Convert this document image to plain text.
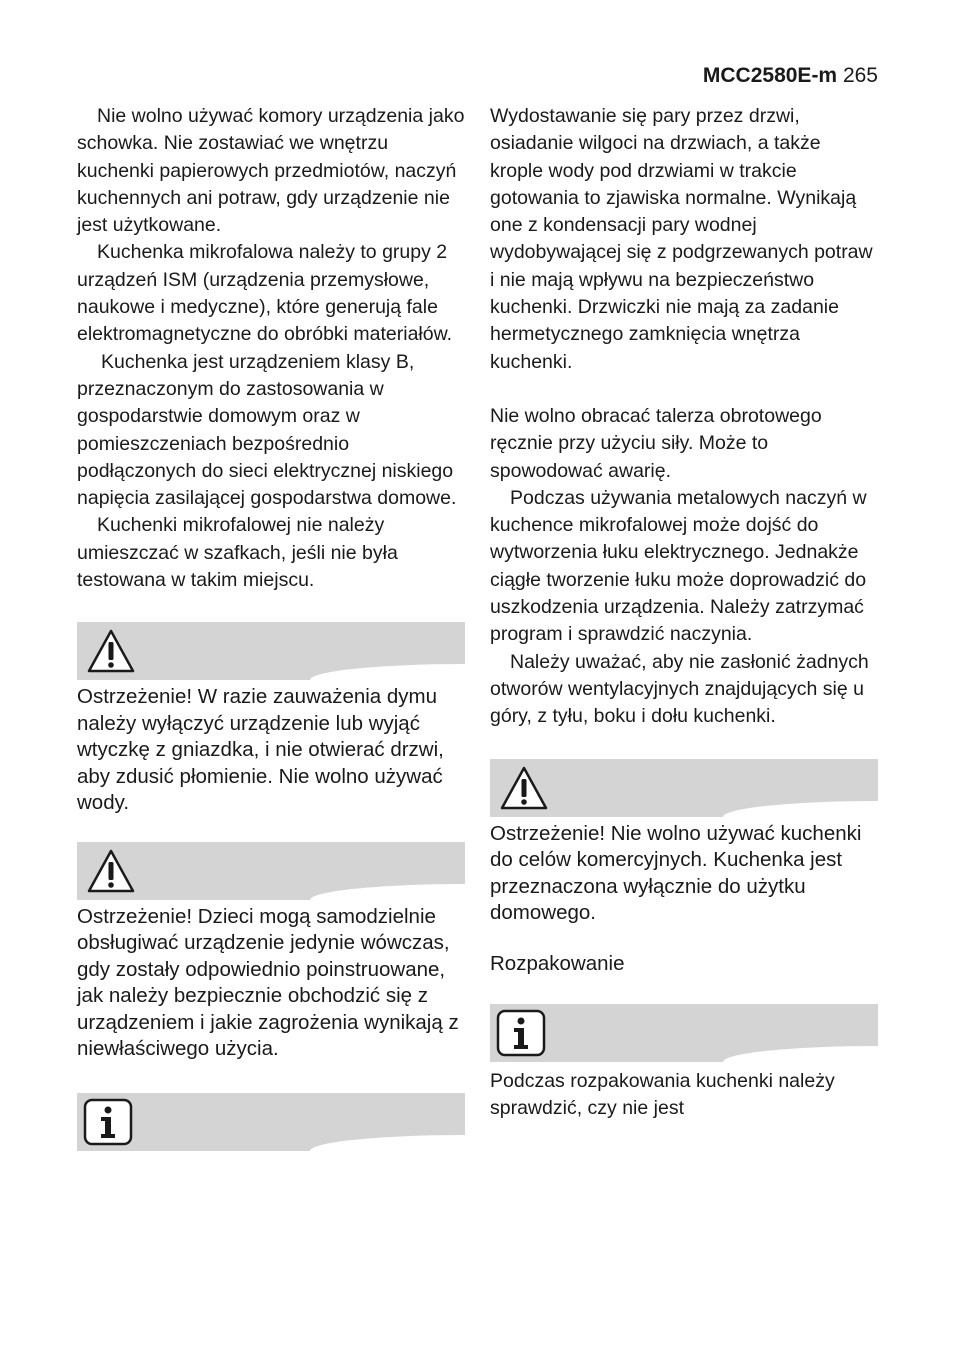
MCC2580E-m 265

Nie wolno używać komory urządzenia jako schowka. Nie zostawiać we wnętrzu kuchenki papierowych przedmiotów, naczyń kuchennych ani potraw, gdy urządzenie nie jest użytkowane.

Kuchenka mikrofalowa należy to grupy 2 urządzeń ISM (urządzenia przemysłowe, naukowe i medyczne), które generują fale elektromagnetyczne do obróbki materiałów.

Kuchenka jest urządzeniem klasy B, przeznaczonym do zastosowania w gospodarstwie domowym oraz w pomieszczeniach bezpośrednio podłączonych do sieci elektrycznej niskiego napięcia zasilającej gospodarstwa domowe.

Kuchenki mikrofalowej nie należy umieszczać w szafkach, jeśli nie była testowana w takim miejscu.

Ostrzeżenie! W razie zauważenia dymu należy wyłączyć urządzenie lub wyjąć wtyczkę z gniazdka, i nie otwierać drzwi, aby zdusić płomienie. Nie wolno używać wody.

Ostrzeżenie! Dzieci mogą samodzielnie obsługiwać urządzenie jedynie wówczas, gdy zostały odpowiednio poinstruowane, jak należy bezpiecznie obchodzić się z urządzeniem i jakie zagrożenia wynikają z niewłaściwego użycia.

Wydostawanie się pary przez drzwi, osiadanie wilgoci na drzwiach, a także krople wody pod drzwiami w trakcie gotowania to zjawiska normalne. Wynikają one z kondensacji pary wodnej wydobywającej się z podgrzewanych potraw i nie mają wpływu na bezpieczeństwo kuchenki. Drzwiczki nie mają za zadanie hermetycznego zamknięcia wnętrza kuchenki.

Nie wolno obracać talerza obrotowego ręcznie przy użyciu siły. Może to spowodować awarię.

Podczas używania metalowych naczyń w kuchence mikrofalowej może dojść do wytworzenia łuku elektrycznego. Jednakże ciągłe tworzenie łuku może doprowadzić do uszkodzenia urządzenia. Należy zatrzymać program i sprawdzić naczynia.

Należy uważać, aby nie zasłonić żadnych otworów wentylacyjnych znajdujących się u góry, z tyłu, boku i dołu kuchenki.

Ostrzeżenie! Nie wolno używać kuchenki do celów komercyjnych. Kuchenka jest przeznaczona wyłącznie do użytku domowego.

Rozpakowanie

Podczas rozpakowania kuchenki należy sprawdzić, czy nie jest
